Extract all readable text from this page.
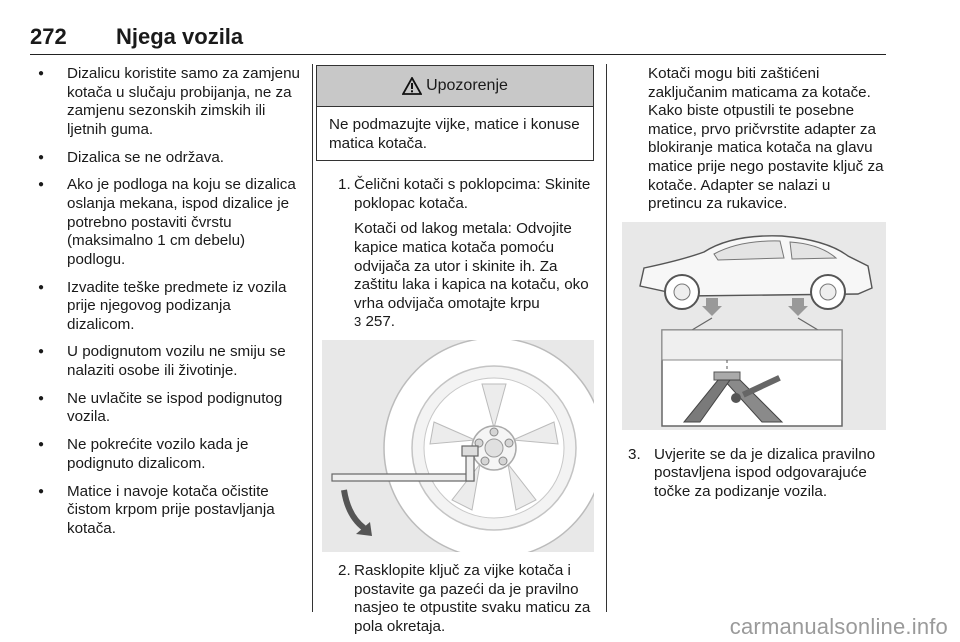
272 Njega vozila
● Dizalicu koristite samo za zamjenu kotača u slučaju probijanja, ne za zamjenu sezonskih zimskih ili ljetnih guma.
● Dizalica se ne održava.
● Ako je podloga na koju se dizalica oslanja mekana, ispod dizalice je potrebno postaviti čvrstu (maksimalno 1 cm debelu) podlogu.
● Izvadite teške predmete iz vozila prije njegovog podizanja dizalicom.
● U podignutom vozilu ne smiju se nalaziti osobe ili životinje.
● Ne uvlačite se ispod podignutog vozila.
● Ne pokrećite vozilo kada je podignuto dizalicom.
● Matice i navoje kotača očistite čistom krpom prije postavljanja kotača.
Upozorenje
Ne podmazujte vijke, matice i konuse matica kotača.
1. Čelični kotači s poklopcima: Skinite poklopac kotača.

Kotači od lakog metala: Odvojite kapice matica kotača pomoću odvijača za utor i skinite ih. Za zaštitu laka i kapica na kotaču, oko vrha odvijača omotajte krpu
3 257.

2. Rasklopite ključ za vijke kotača i postavite ga pazeći da je pravilno nasjeo te otpustite svaku maticu za pola okretaja.

Kotači mogu biti zaštićeni zaključanim maticama za kotače. Kako biste otpustili te posebne matice, prvo pričvrstite adapter za blokiranje matica kotača na glavu matice prije nego postavite ključ za kotače. Adapter se nalazi u pretincu za rukavice.

3. Uvjerite se da je dizalica pravilno postavljena ispod odgovarajuće točke za podizanje vozila.

carmanualsonline.info
